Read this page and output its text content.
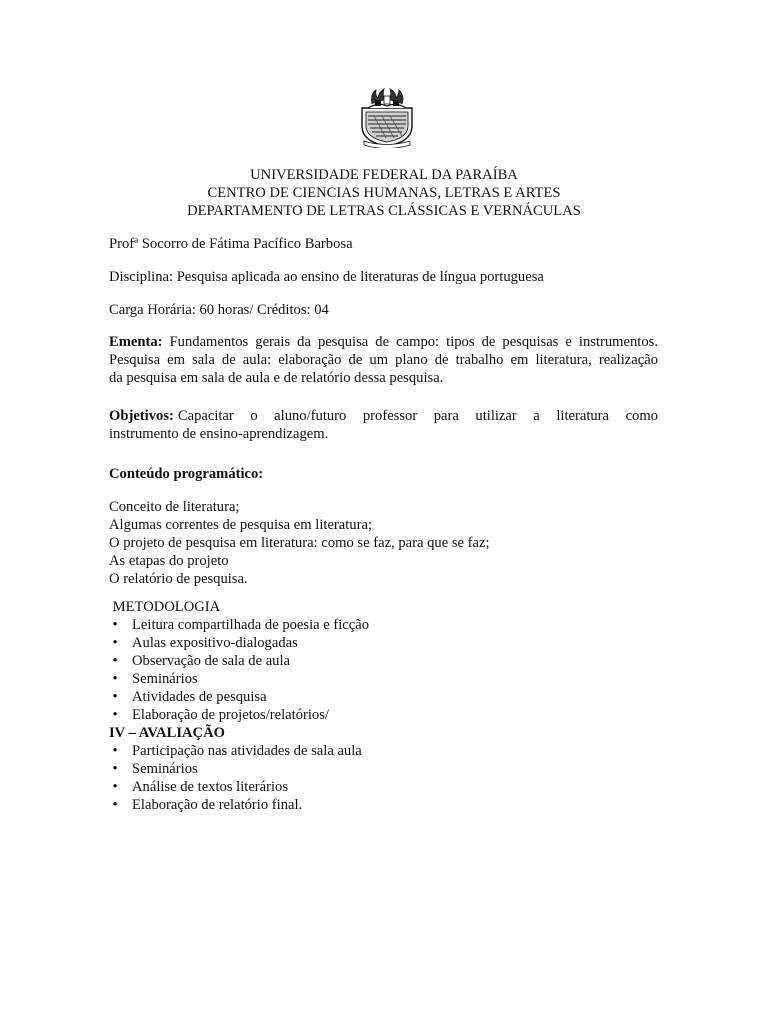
UNIVERSIDADE FEDERAL DA PARAÍBA
CENTRO DE CIENCIAS HUMANAS, LETRAS E ARTES
DEPARTAMENTO DE LETRAS CLÁSSICAS E VERNÁCULAS
Profª Socorro de Fátima Pacífico Barbosa
Disciplina: Pesquisa aplicada ao ensino de literaturas de língua portuguesa
Carga Horária: 60 horas/ Créditos: 04
Ementa: Fundamentos gerais da pesquisa de campo: tipos de pesquisas e instrumentos.
Pesquisa em sala de aula: elaboração de um plano de trabalho em literatura, realização
da pesquisa em sala de aula e de relatório dessa pesquisa.
Objetivos: Capacitar o aluno/futuro professor para utilizar a literatura como
instrumento de ensino-aprendizagem.
Conteúdo programático:
Conceito de literatura;
Algumas correntes de pesquisa em literatura;
O projeto de pesquisa em literatura: como se faz, para que se faz;
As etapas do projeto
O relatório de pesquisa.
METODOLOGIA
• Leitura compartilhada de poesia e ficção
• Aulas expositivo-dialogadas
• Observação de sala de aula
• Seminários
• Atividades de pesquisa
• Elaboração de projetos/relatórios/
IV – AVALIAÇÃO
• Participação nas atividades de sala aula
• Seminários
• Análise de textos literários
• Elaboração de relatório final.
